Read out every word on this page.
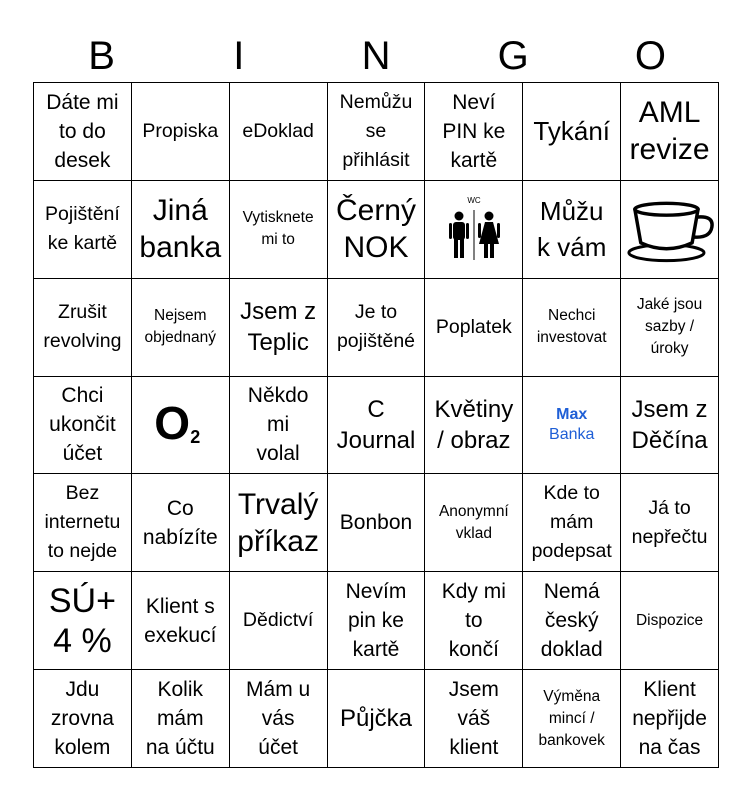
B	I	N	G	O
Dáte mi
to do
desek
Propiska eDoklad
Nemůžu
se
přihlásit
Neví
PIN ke
kartě
Tykání
AML
revize
Pojištění
ke kartě
Jiná
banka
Vytisknete
mi to
Černý
NOK
WC Můžu
k vám
Zrušit
revolving
Nejsem
objednaný
Jsem z
Teplic
Je to
pojištěné
Poplatek	Nechci
investovat
Jaké jsou
sazby /
úroky
Chci
ukončit
účet
O 2
Někdo
mi
volal
C
Journal
Květiny
/ obraz
Max
Banka
Jsem z
Děčína
Bez
internetu
to nejde
Co
nabízíte
Trvalý
příkaz
Bonbon Anonymní
vklad
Kde to
mám
podepsat
Já to
nepřečtu
SÚ+
4 %
Klient s
exekucí
Dědictví
Nevím
pin ke
kartě
Kdy mi
to
končí
Nemá
český
doklad
Dispozice
Jdu
zrovna
kolem
Kolik
mám
na účtu
Mám u
vás
účet
Půjčka
Jsem
váš
klient
Výměna
mincí /
bankovek
Klient
nepřijde
na čas
